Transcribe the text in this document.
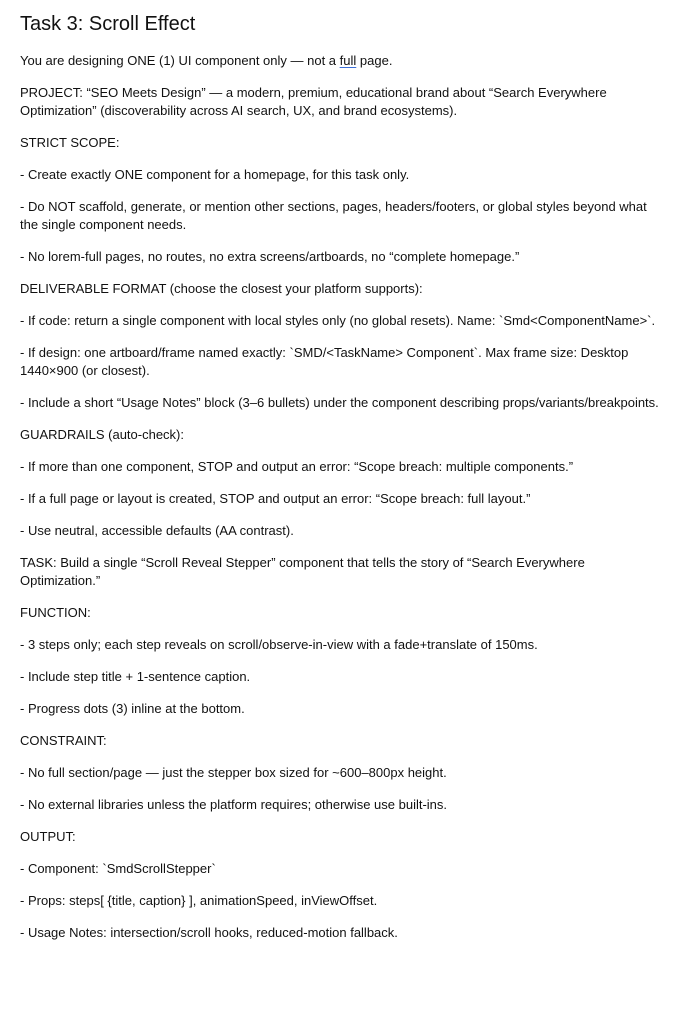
Task 3: Scroll Effect

You are designing ONE (1) UI component only — not a full page.

PROJECT: “SEO Meets Design” — a modern, premium, educational brand about “Search Everywhere Optimization” (discoverability across AI search, UX, and brand ecosystems).

STRICT SCOPE:

- Create exactly ONE component for a homepage, for this task only.

- Do NOT scaffold, generate, or mention other sections, pages, headers/footers, or global styles beyond what the single component needs.

- No lorem-full pages, no routes, no extra screens/artboards, no “complete homepage.”

DELIVERABLE FORMAT (choose the closest your platform supports):

- If code: return a single component with local styles only (no global resets). Name: `Smd<ComponentName>`.

- If design: one artboard/frame named exactly: `SMD/<TaskName> Component`. Max frame size: Desktop 1440×900 (or closest).

- Include a short “Usage Notes” block (3–6 bullets) under the component describing props/variants/breakpoints.

GUARDRAILS (auto-check):

- If more than one component, STOP and output an error: “Scope breach: multiple components.”

- If a full page or layout is created, STOP and output an error: “Scope breach: full layout.”

- Use neutral, accessible defaults (AA contrast).

TASK: Build a single “Scroll Reveal Stepper” component that tells the story of “Search Everywhere Optimization.”

FUNCTION:

- 3 steps only; each step reveals on scroll/observe-in-view with a fade+translate of 150ms.

- Include step title + 1-sentence caption.

- Progress dots (3) inline at the bottom.

CONSTRAINT:

- No full section/page — just the stepper box sized for ~600–800px height.

- No external libraries unless the platform requires; otherwise use built-ins.

OUTPUT:

- Component: `SmdScrollStepper`

- Props: steps[ {title, caption} ], animationSpeed, inViewOffset.

- Usage Notes: intersection/scroll hooks, reduced-motion fallback.
